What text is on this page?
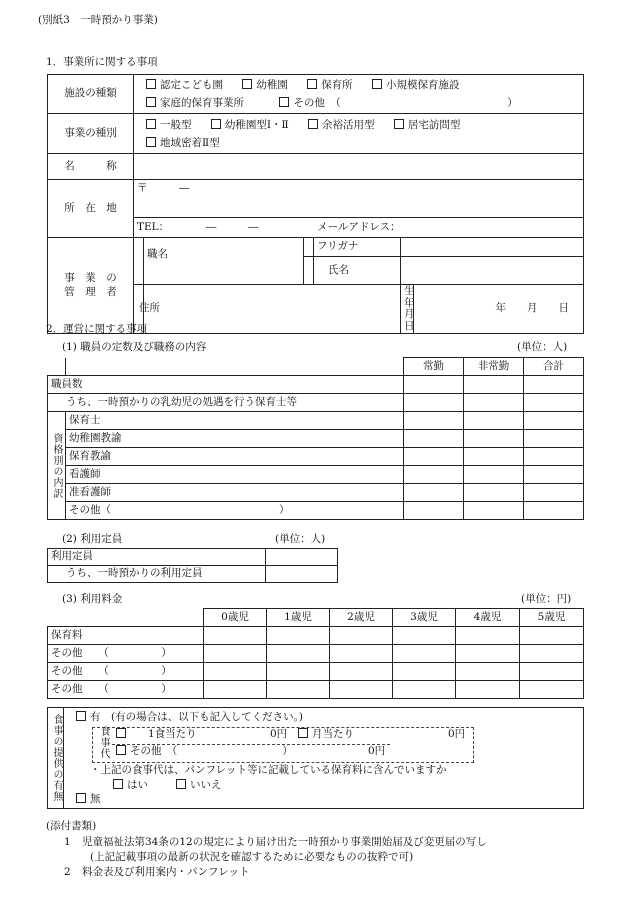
(別紙3　一時預かり事業)
1．事業所に関する事項
施設の種類	認定こども園 幼稚園 保育所 小規模保育施設
家庭的保育事業所 その他　（ ）					

事業の種別	一般型 幼稚園型Ⅰ・Ⅱ 余裕活用型 居宅訪問型
地域密着Ⅱ型					

名　　　称						
所　在　地	〒　　　―					
	TEL：　　　　―　　　― メールアドレス：					

事　業　の
管　理　者		職名		フリガナ		
				氏名		
		住所			生年
月日	年　　月　　日
2．運営に関する事項
(1) 職員の定数及び職務の内容	(単位：人)
		常勤	非常勤	合計
職員数				
うち、一時預かりの乳幼児の処遇を行う保育士等				
資格別の内訳	保育士			
	幼稚園教諭			
	保育教諭			
	看護師			
	准看護師			
	その他（　　　　　　　　　　　　　　　　）			
(2) 利用定員	(単位：人)
利用定員	
うち、一時預かりの利用定員	
(3) 利用料金	(単位：円)
	0歳児	1歳児	2歳児	3歳児	4歳児	5歳児
保育料						
その他　　（　　　　　）						
その他　　（　　　　　）						
その他　　（　　　　　）						
食事の提供の有無	有　(有の場合は、以下も記入してください。)
食事代	1食当たり	0円	月当たり	0円
その他　（　　　　　　　　　　）	0円
・上記の食事代は、パンフレット等に記載している保育料に含んでいますか
はい	いいえ
無
(添付書類)
1 児童福祉法第34条の12の規定により届け出た一時預かり事業開始届及び変更届の写し
(上記記載事項の最新の状況を確認するために必要なものの抜粋で可)
2 料金表及び利用案内・パンフレット
